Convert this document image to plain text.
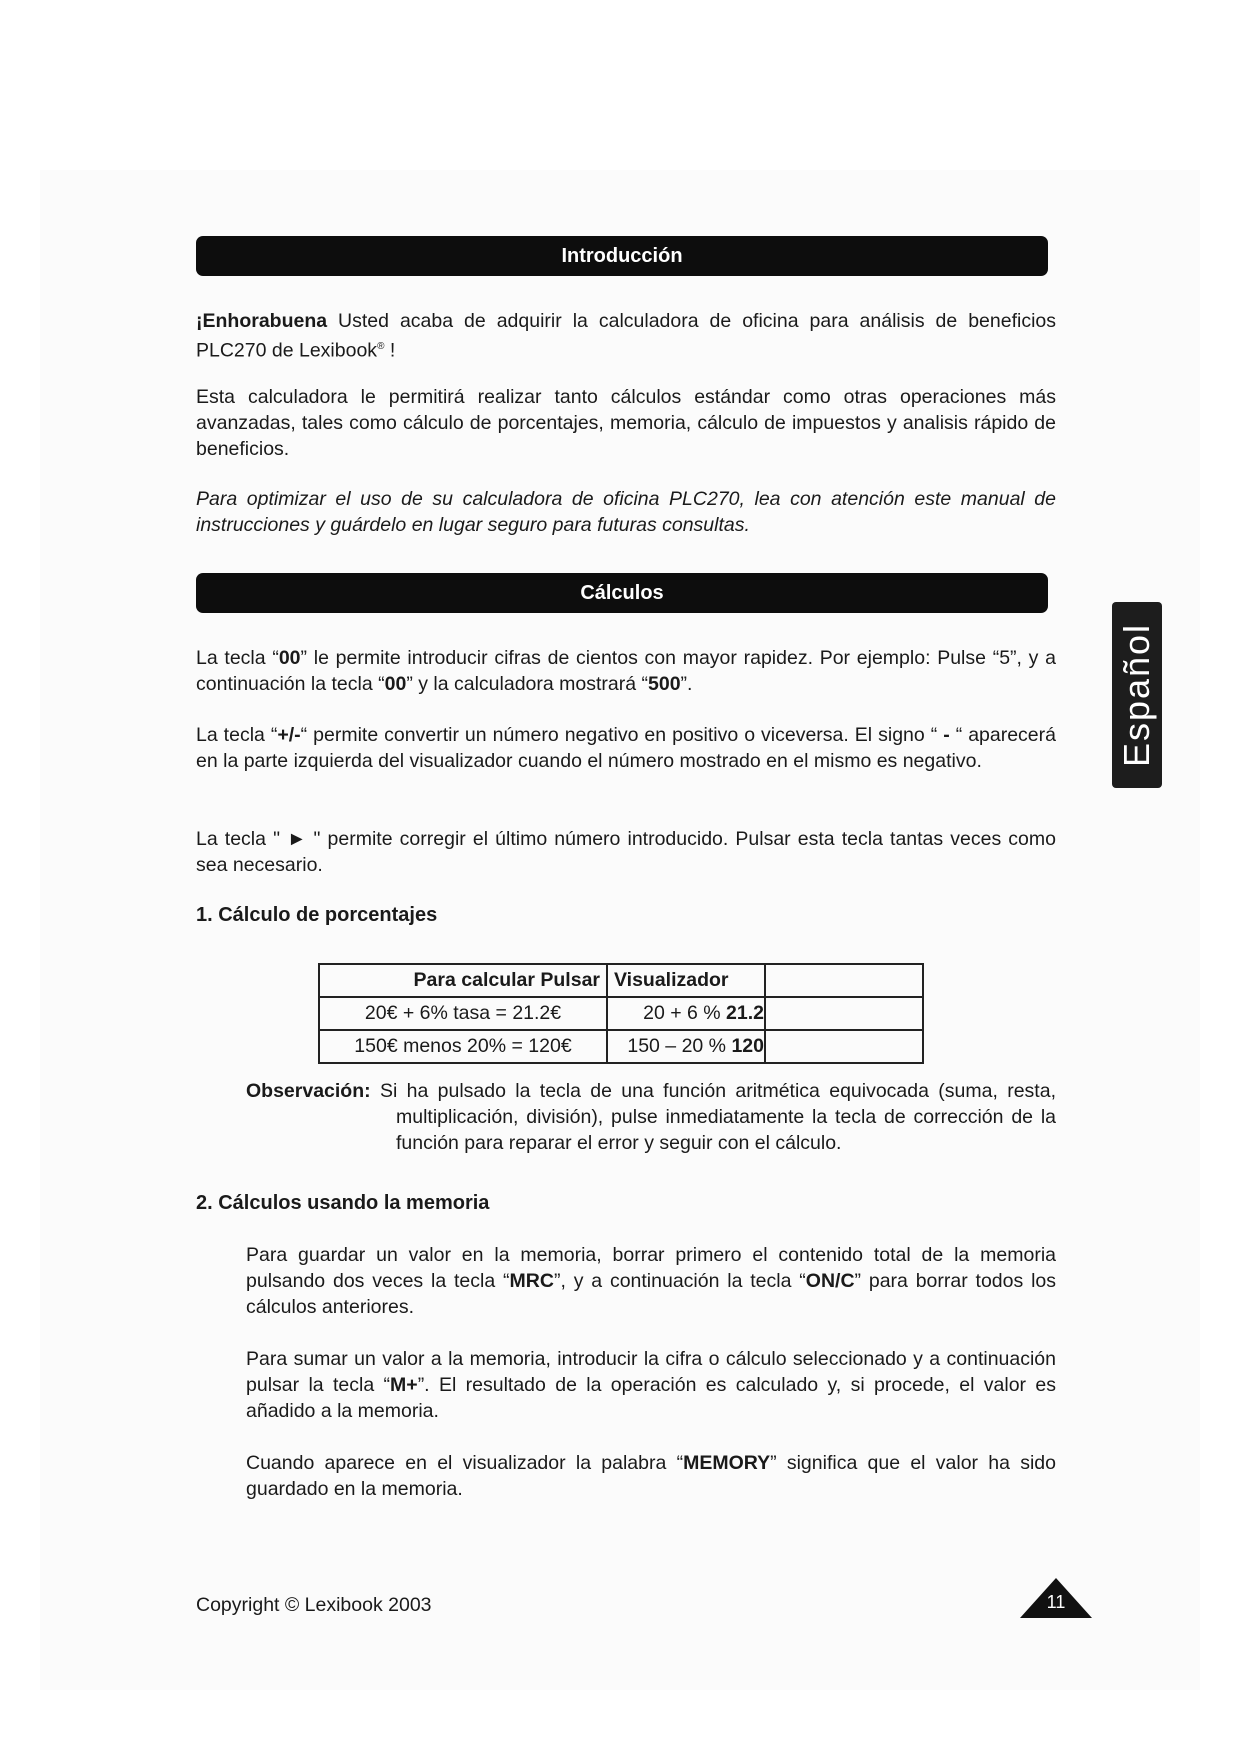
Introducción

¡Enhorabuena Usted acaba de adquirir la calculadora de oficina para análisis de beneficios PLC270 de Lexibook® !

Esta calculadora le permitirá realizar tanto cálculos estándar como otras operaciones más avanzadas, tales como cálculo de porcentajes, memoria, cálculo de impuestos y analisis rápido de beneficios.

Para optimizar el uso de su calculadora de oficina PLC270, lea con atención este manual de instrucciones y guárdelo en lugar seguro para futuras consultas.

Cálculos

La tecla “00” le permite introducir cifras de cientos con mayor rapidez. Por ejemplo: Pulse “5”, y a continuación la tecla “00” y la calculadora mostrará “500”.

La tecla “+/-“ permite convertir un número negativo en positivo o viceversa. El signo “ - “ aparecerá en la parte izquierda del visualizador cuando el número mostrado en el mismo es negativo.

La tecla " ► " permite corregir el último número introducido. Pulsar esta tecla tantas veces como sea necesario.

1. Cálculo de porcentajes

Para calcular Pulsar	Visualizador	
20€ + 6% tasa = 21.2€	20 + 6 % 21.2	
150€ menos 20% = 120€	150 – 20 % 120	
Observación: Si ha pulsado la tecla de una función aritmética equivocada (suma, resta, multiplicación, división), pulse inmediatamente la tecla de corrección de la función para reparar el error y seguir con el cálculo.

2. Cálculos usando la memoria

Para guardar un valor en la memoria, borrar primero el contenido total de la memoria pulsando dos veces la tecla “MRC”, y a continuación la tecla “ON/C” para borrar todos los cálculos anteriores.

Para sumar un valor a la memoria, introducir la cifra o cálculo seleccionado y a continuación pulsar la tecla “M+”. El resultado de la operación es calculado y, si procede, el valor es añadido a la memoria.

Cuando aparece en el visualizador la palabra “MEMORY” significa que el valor ha sido guardado en la memoria.

Español
Copyright © Lexibook 2003	11
